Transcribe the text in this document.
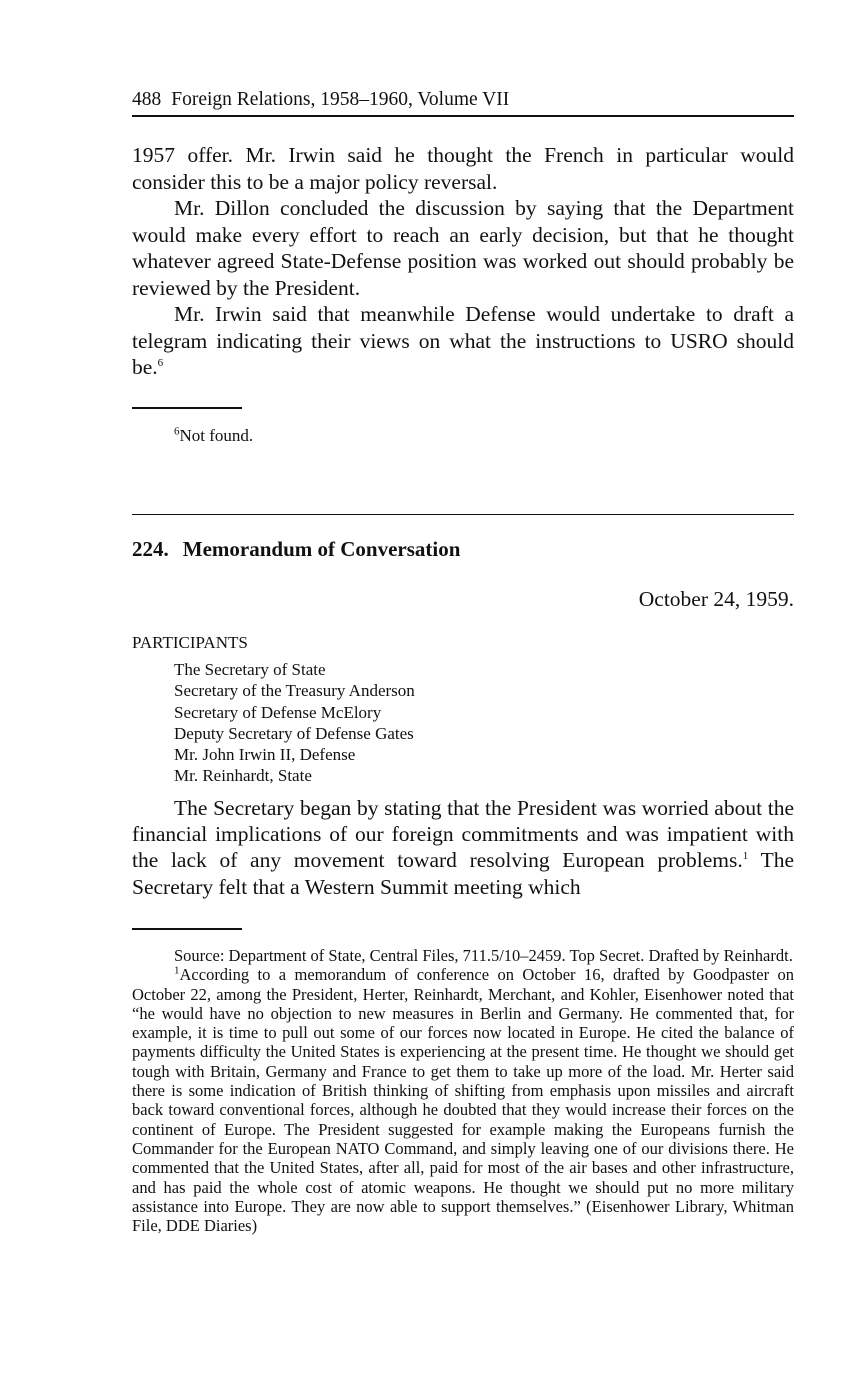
488 Foreign Relations, 1958–1960, Volume VII

1957 offer. Mr. Irwin said he thought the French in particular would consider this to be a major policy reversal.

Mr. Dillon concluded the discussion by saying that the Department would make every effort to reach an early decision, but that he thought whatever agreed State-Defense position was worked out should probably be reviewed by the President.

Mr. Irwin said that meanwhile Defense would undertake to draft a telegram indicating their views on what the instructions to USRO should be.$^6$

$^6$Not found.
224. Memorandum of Conversation
October 24, 1959.
PARTICIPANTS
The Secretary of State
Secretary of the Treasury Anderson
Secretary of Defense McElory
Deputy Secretary of Defense Gates
Mr. John Irwin II, Defense
Mr. Reinhardt, State

The Secretary began by stating that the President was worried about the financial implications of our foreign commitments and was impatient with the lack of any movement toward resolving European problems.$^1$ The Secretary felt that a Western Summit meeting which

Source: Department of State, Central Files, 711.5/10–2459. Top Secret. Drafted by Reinhardt.

$^1$According to a memorandum of conference on October 16, drafted by Goodpaster on October 22, among the President, Herter, Reinhardt, Merchant, and Kohler, Eisenhower noted that “he would have no objection to new measures in Berlin and Germany. He commented that, for example, it is time to pull out some of our forces now located in Europe. He cited the balance of payments difficulty the United States is experiencing at the present time. He thought we should get tough with Britain, Germany and France to get them to take up more of the load. Mr. Herter said there is some indication of British thinking of shifting from emphasis upon missiles and aircraft back toward conventional forces, although he doubted that they would increase their forces on the continent of Europe. The President suggested for example making the Europeans furnish the Commander for the European NATO Command, and simply leaving one of our divisions there. He commented that the United States, after all, paid for most of the air bases and other infrastructure, and has paid the whole cost of atomic weapons. He thought we should put no more military assistance into Europe. They are now able to support themselves.” (Eisenhower Library, Whitman File, DDE Diaries)
